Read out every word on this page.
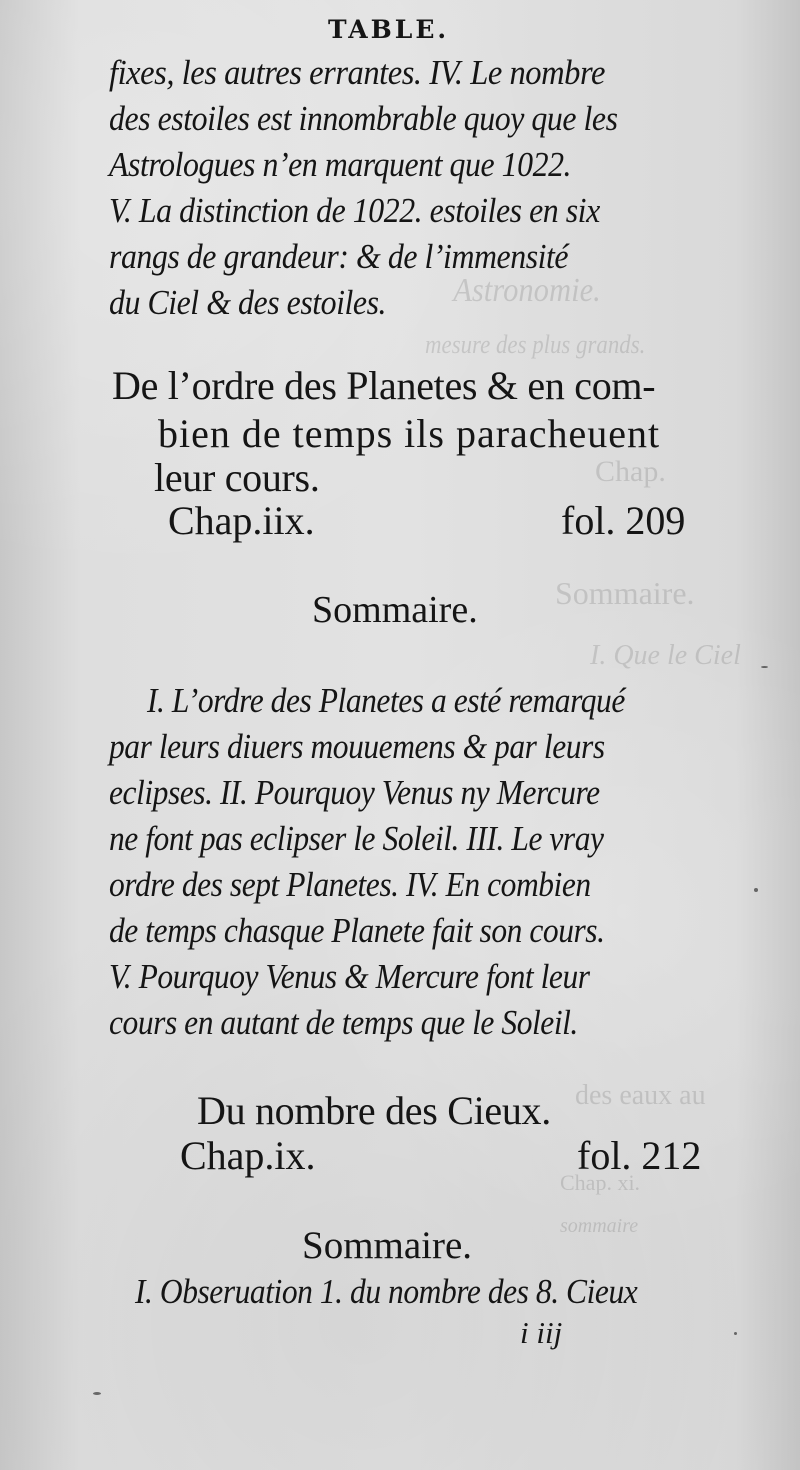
Astronomie.
mesure des plus grands.
Chap.
Sommaire.
I. Que le Ciel
des eaux au
Chap. xi.
sommaire
TABLE.
fixes, les autres errantes. IV. Le nombre
des estoiles est innombrable quoy que les
Astrologues n’en marquent que 1022.
V. La distinction de 1022. estoiles en six
rangs de grandeur: & de l’immensité
du Ciel & des estoiles.
De l’ordre des Planetes & en com-
bien de temps ils paracheuent
leur cours.
Chap.iix.	fol. 209
Sommaire.
I. L’ordre des Planetes a esté remarqué
par leurs diuers mouuemens & par leurs
eclipses. II. Pourquoy Venus ny Mercure
ne font pas eclipser le Soleil. III. Le vray
ordre des sept Planetes. IV. En combien
de temps chasque Planete fait son cours.
V. Pourquoy Venus & Mercure font leur
cours en autant de temps que le Soleil.
Du nombre des Cieux.
Chap.ix.	fol. 212
Sommaire.
I. Obseruation 1. du nombre des 8. Cieux
i iij
